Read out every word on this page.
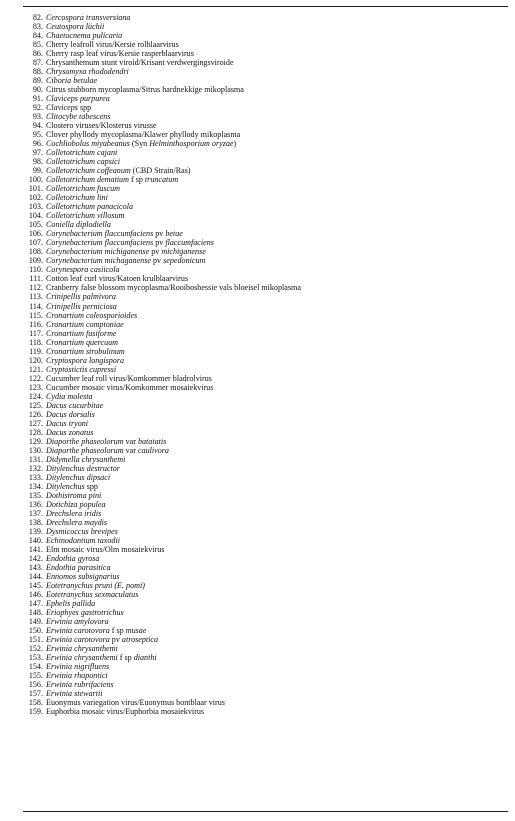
82. Cercospora transversiana
83. Ceutospora lüchii
84. Chaetocnema pulicaria
85. Cherry leafroll virus/Kersie rolblaarvirus
86. Cherry rasp leaf virus/Kersie rasperblaarvirus
87. Chrysanthemum stunt viroid/Krisant verdwergingsviroide
88. Chrysomyxa rhododendri
89. Ciboria betulae
90. Citrus stubborn mycoplasma/Sitrus hardnekkige mikoplasma
91. Claviceps purpurea
92. Claviceps spp
93. Clitocybe tabescens
94. Clostero viruses/Klosterus virusse
95. Clover phyllody mycoplasma/Klawer phyllody mikoplasma
96. Cochliobolus miyabeanus (Syn Helminthosporium oryzae)
97. Colletotrichum cajani
98. Colletotrichum capsici
99. Colletotrichum coffeanum (CBD Strain/Ras)
100. Colletotrichum dematium f sp truncatum
101. Colletotrichum fuscum
102. Colletotrichum lini
103. Colletotrichum panacicola
104. Colletotrichum villosum
105. Coniella diplodiella
106. Corynebacterium flaccumfaciens pv betae
107. Corynebacterium flaccumfaciens pv flaccumfaciens
108. Corynebacterium michiganense pv michiganense
109. Corynebacterium michaganense pv sepedonicum
110. Corynespora casiicola
111. Cotton leaf curl virus/Katoen krulblaarvirus
112. Cranberry false blossom mycoplasma/Rooibosbessie vals bloeisel mikoplasma
113. Crinipellis palmivora
114. Crinipellis perniciosa
115. Cronartium coleosporioides
116. Cronartium comptoniae
117. Cronartium fusiforme
118. Cronartium quercuum
119. Cronartium strobulinum
120. Cryptospora longispora
121. Cryptostictis cupressi
122. Cucumber leaf roll virus/Komkommer bladrolvirus
123. Cucumber mosaic virus/Komkommer mosaiekvirus
124. Cydia molesta
125. Dacus cucurbitae
126. Dacus dorsalis
127. Dacus tryoni
128. Dacus zonatus
129. Diaporthe phaseolorum var batatatis
130. Diaporthe phaseolorum var caulivora
131. Didymella chrysanthemi
132. Ditylenchus destructor
133. Ditylenchus dipsaci
134. Ditylenchus spp
135. Dothistroma pini
136. Dotichiza populea
137. Drechslera iridis
138. Drechslera maydis
139. Dysmicoccus brevipes
140. Echinodontium taxodii
141. Elm mosaic virus/Olm mosaiekvirus
142. Endothia gyrosa
143. Endothia parasitica
144. Ennomos subsignarius
145. Eotetranychus pruni (E. pomi)
146. Eotetranychus sexmaculatus
147. Ephelis pallida
148. Eriophyes gastrotrichus
149. Erwinia amylovora
150. Erwinia carotovora f sp musae
151. Erwinia carotovora pv atroseptica
152. Erwinia chrysanthemi
153. Erwinia chrysanthemi f sp dianthi
154. Erwinia nigrifluens
155. Erwinia rhapontici
156. Erwinia rubrifaciens
157. Erwinia stewartii
158. Euonymus variegation virus/Euonymus bontblaar virus
159. Euphorbia mosaic virus/Euphorbia mosaiekvirus
